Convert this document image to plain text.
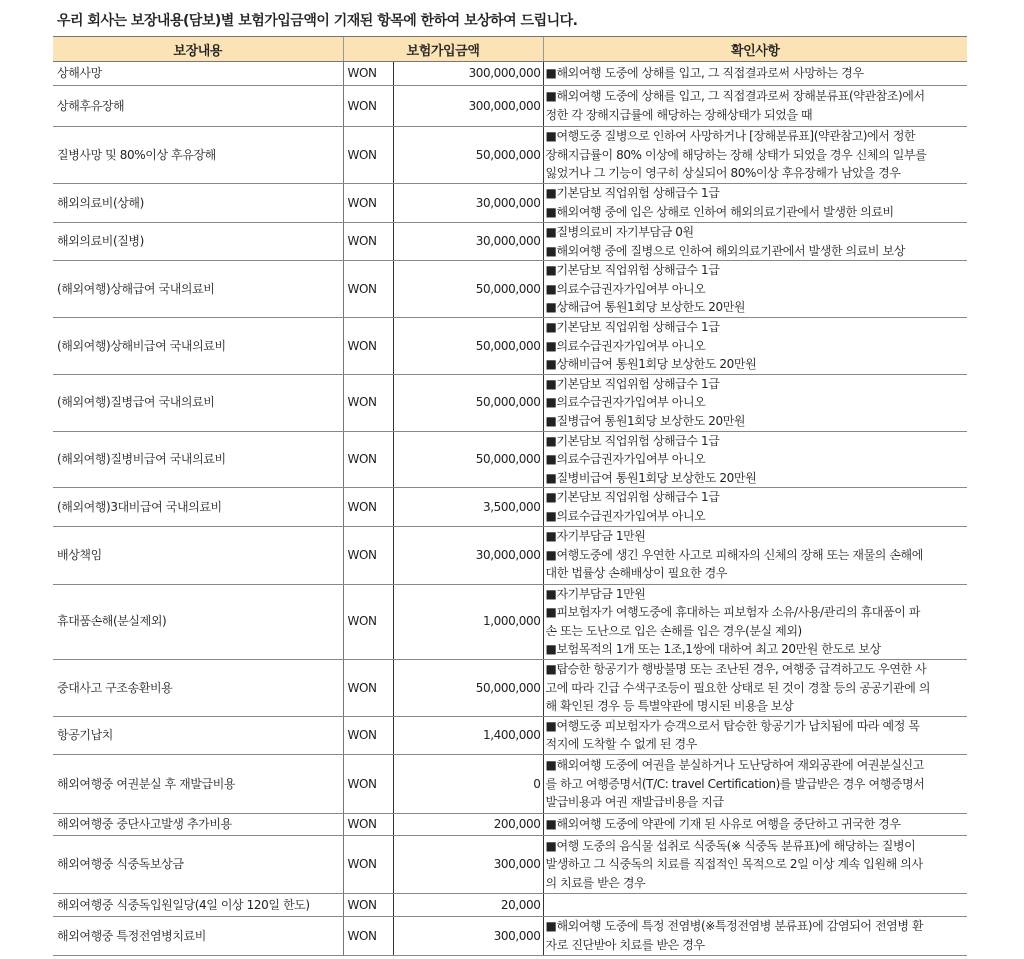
우리 회사는 보장내용(담보)별 보험가입금액이 기재된 항목에 한하여 보상하여 드립니다.
보장내용	보험가입금액		확인사항
상해사망	WON	300,000,000	■해외여행 도중에 상해를 입고, 그 직접결과로써 사망하는 경우

상해후유장해	WON	300,000,000	■해외여행 도중에 상해를 입고, 그 직접결과로써 장해분류표(약관참조)에서
정한 각 장해지급률에 해당하는 장해상태가 되었을 때

질병사망 및 80%이상 후유장해	WON	50,000,000	■여행도중 질병으로 인하여 사망하거나 [장해분류표](약관참고)에서 정한
장해지급률이 80% 이상에 해당하는 장해 상태가 되었을 경우 신체의 일부를
잃었거나 그 기능이 영구히 상실되어 80%이상 후유장해가 남았을 경우

해외의료비(상해)	WON	30,000,000	■기본담보 직업위험 상해급수 1급
■해외여행 중에 입은 상해로 인하여 해외의료기관에서 발생한 의료비

해외의료비(질병)	WON	30,000,000	■질병의료비 자기부담금 0원
■해외여행 중에 질병으로 인하여 해외의료기관에서 발생한 의료비 보상

(해외여행)상해급여 국내의료비	WON	50,000,000	■기본담보 직업위험 상해급수 1급
■의료수급권자가입여부 아니오
■상해급여 통원1회당 보상한도 20만원

(해외여행)상해비급여 국내의료비	WON	50,000,000	■기본담보 직업위험 상해급수 1급
■의료수급권자가입여부 아니오
■상해비급여 통원1회당 보상한도 20만원

(해외여행)질병급여 국내의료비	WON	50,000,000	■기본담보 직업위험 상해급수 1급
■의료수급권자가입여부 아니오
■질병급여 통원1회당 보상한도 20만원

(해외여행)질병비급여 국내의료비	WON	50,000,000	■기본담보 직업위험 상해급수 1급
■의료수급권자가입여부 아니오
■질병비급여 통원1회당 보상한도 20만원

(해외여행)3대비급여 국내의료비	WON	3,500,000	■기본담보 직업위험 상해급수 1급
■의료수급권자가입여부 아니오

배상책임	WON	30,000,000	■자기부담금 1만원
■여행도중에 생긴 우연한 사고로 피해자의 신체의 장해 또는 재물의 손해에
대한 법률상 손해배상이 필요한 경우

휴대품손해(분실제외)	WON	1,000,000	■자기부담금 1만원
■피보험자가 여행도중에 휴대하는 피보험자 소유/사용/관리의 휴대품이 파
손 또는 도난으로 입은 손해를 입은 경우(분실 제외)
■보험목적의 1개 또는 1조,1쌍에 대하여 최고 20만원 한도로 보상

중대사고 구조송환비용	WON	50,000,000	■탑승한 항공기가 행방불명 또는 조난된 경우, 여행중 급격하고도 우연한 사
고에 따라 긴급 수색구조등이 필요한 상태로 된 것이 경찰 등의 공공기관에 의
해 확인된 경우 등 특별약관에 명시된 비용을 보상

항공기납치	WON	1,400,000	■여행도중 피보험자가 승객으로서 탑승한 항공기가 납치됨에 따라 예정 목
적지에 도착할 수 없게 된 경우

해외여행중 여권분실 후 재발급비용	WON	0	■해외여행 도중에 여권을 분실하거나 도난당하여 재외공관에 여권분실신고
를 하고 여행증명서(T/C: travel Certification)를 발급받은 경우 여행증명서
발급비용과 여권 재발급비용을 지급

해외여행중 중단사고발생 추가비용	WON	200,000	■해외여행 도중에 약관에 기재 된 사유로 여행을 중단하고 귀국한 경우

해외여행중 식중독보상금	WON	300,000	■여행 도중의 음식물 섭취로 식중독(※ 식중독 분류표)에 해당하는 질병이
발생하고 그 식중독의 치료를 직접적인 목적으로 2일 이상 계속 입원해 의사
의 치료를 받은 경우

해외여행중 식중독입원일당(4일 이상 120일 한도)	WON	20,000	
해외여행중 특정전염병치료비	WON	300,000	■해외여행 도중에 특정 전염병(※특정전염병 분류표)에 감염되어 전염병 환
자로 진단받아 치료를 받은 경우
